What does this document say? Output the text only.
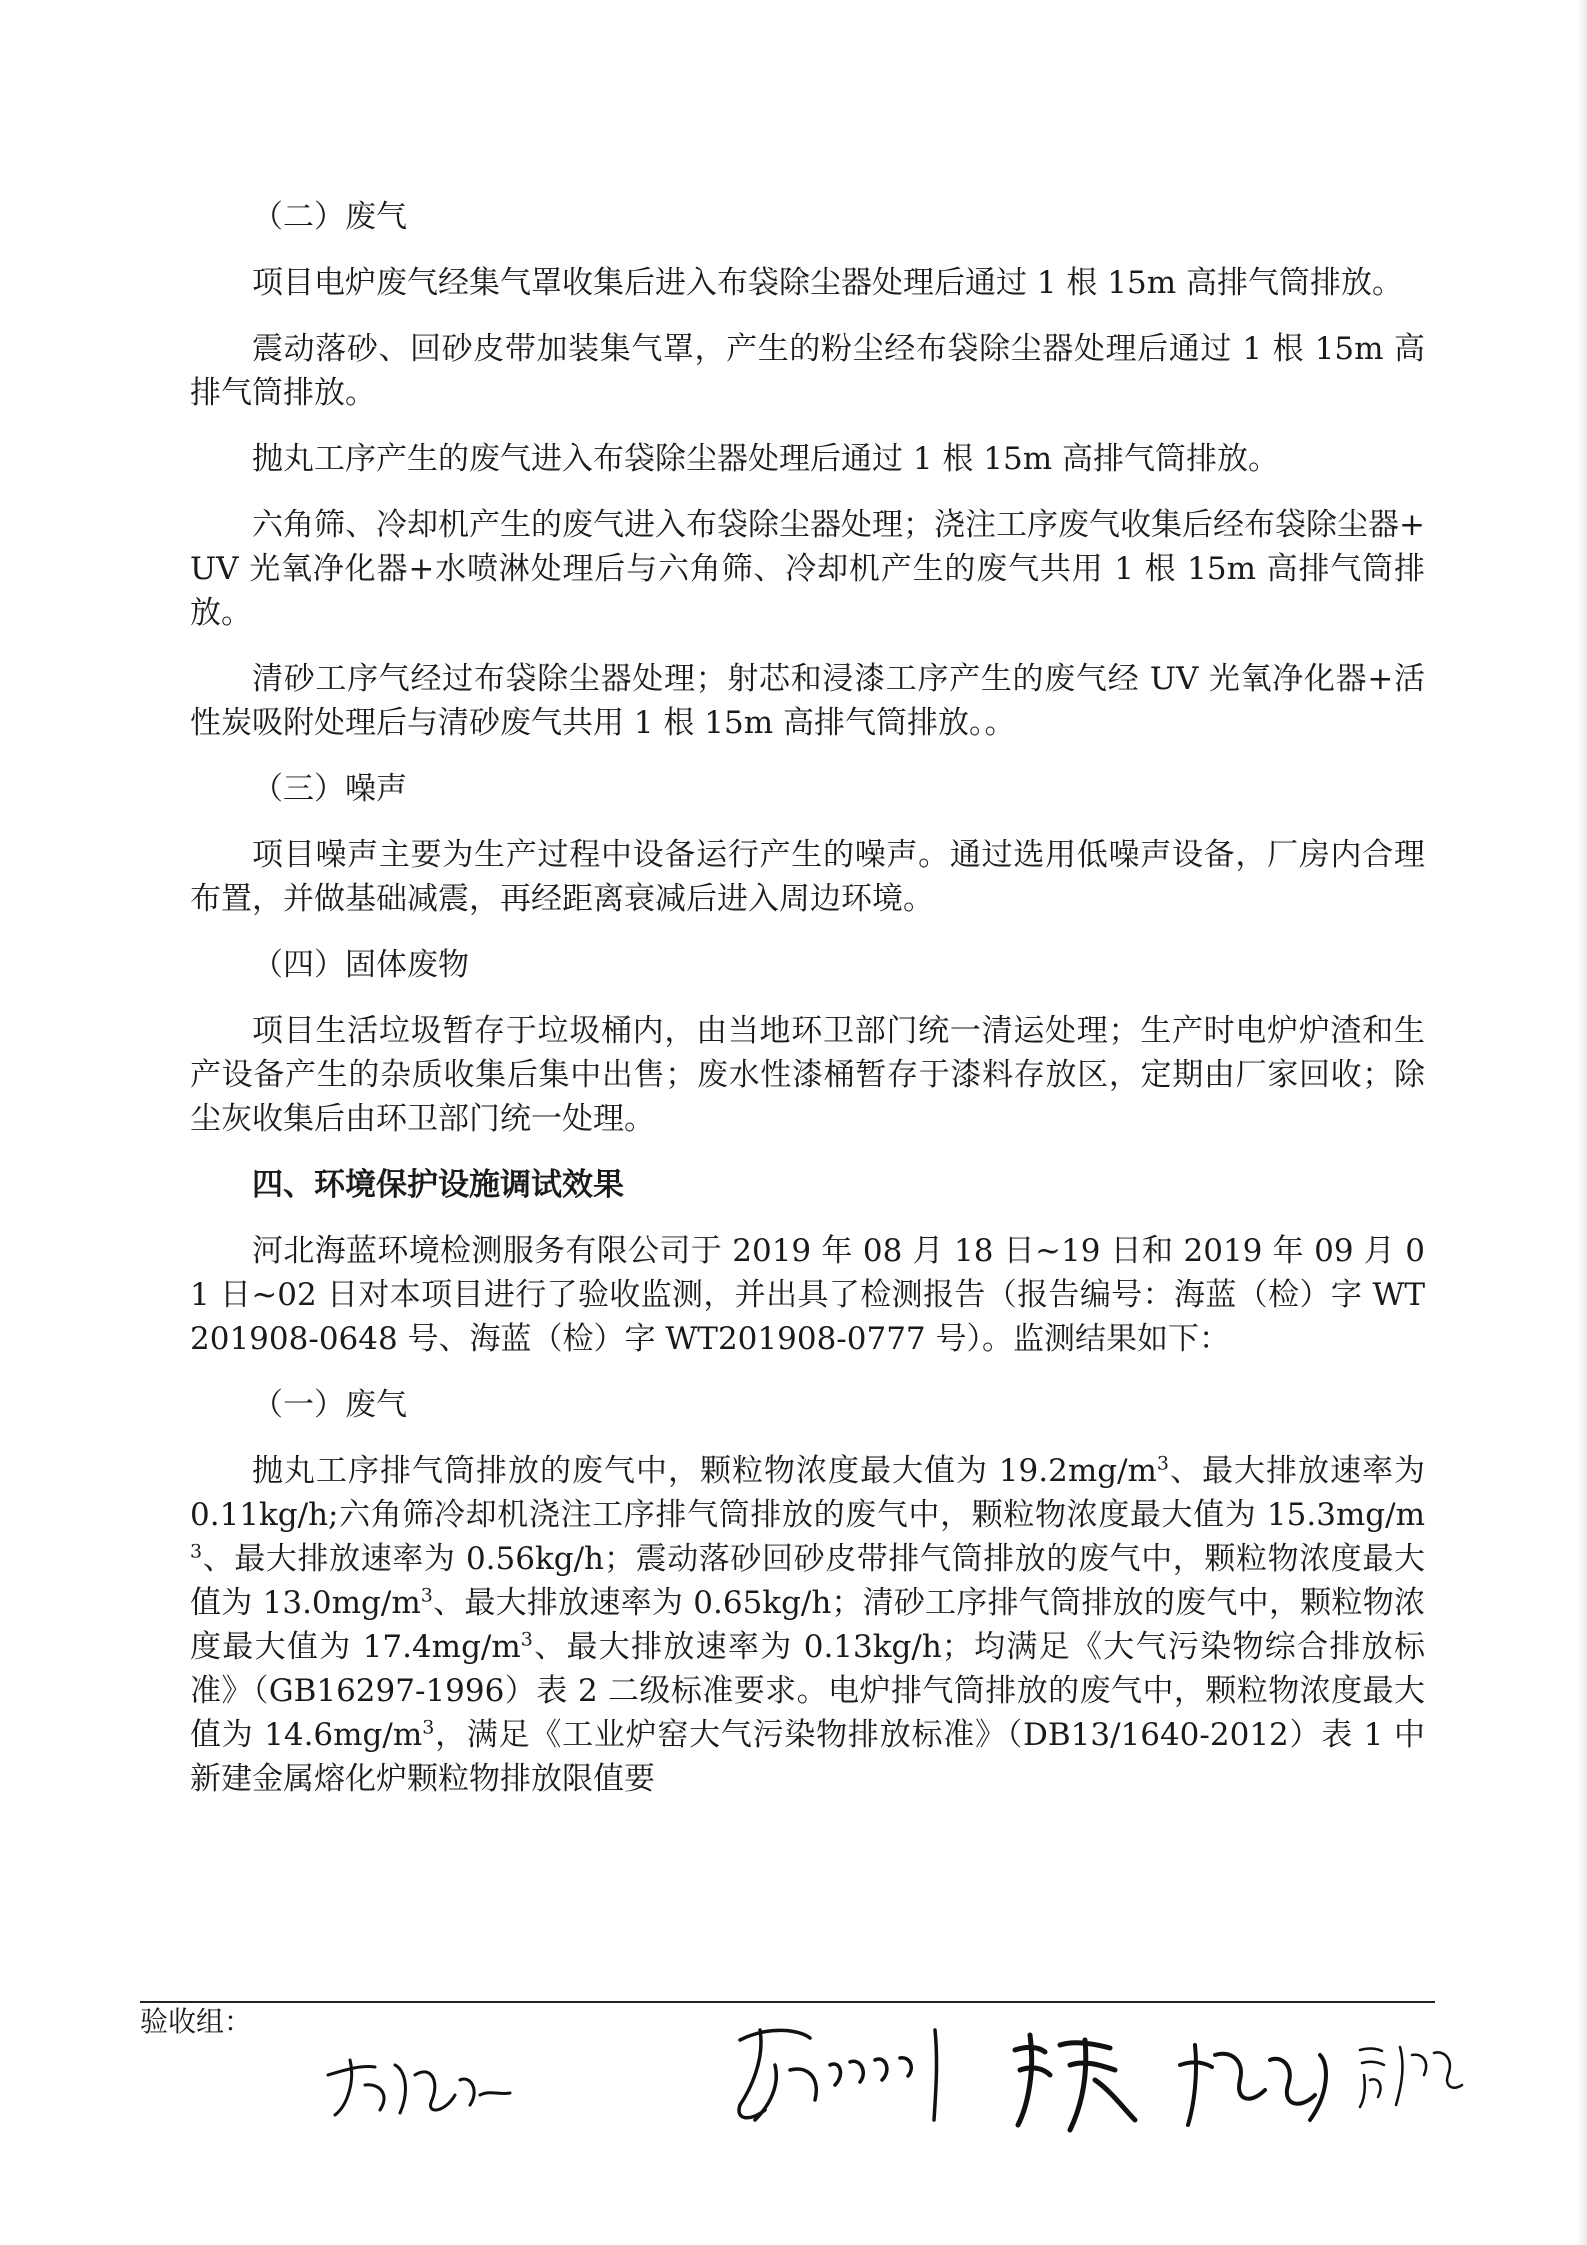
（二）废气

项目电炉废气经集气罩收集后进入布袋除尘器处理后通过 1 根 15m 高排气筒排放。

震动落砂、回砂皮带加装集气罩，产生的粉尘经布袋除尘器处理后通过 1 根 15m 高排气筒排放。

抛丸工序产生的废气进入布袋除尘器处理后通过 1 根 15m 高排气筒排放。

六角筛、冷却机产生的废气进入布袋除尘器处理；浇注工序废气收集后经布袋除尘器+UV 光氧净化器+水喷淋处理后与六角筛、冷却机产生的废气共用 1 根 15m 高排气筒排放。

清砂工序气经过布袋除尘器处理；射芯和浸漆工序产生的废气经 UV 光氧净化器+活性炭吸附处理后与清砂废气共用 1 根 15m 高排气筒排放。。

（三）噪声

项目噪声主要为生产过程中设备运行产生的噪声。通过选用低噪声设备，厂房内合理布置，并做基础减震，再经距离衰减后进入周边环境。

（四）固体废物

项目生活垃圾暂存于垃圾桶内，由当地环卫部门统一清运处理；生产时电炉炉渣和生产设备产生的杂质收集后集中出售；废水性漆桶暂存于漆料存放区，定期由厂家回收；除尘灰收集后由环卫部门统一处理。

四、环境保护设施调试效果

河北海蓝环境检测服务有限公司于 2019 年 08 月 18 日~19 日和 2019 年 09 月 01 日~02 日对本项目进行了验收监测，并出具了检测报告（报告编号：海蓝（检）字 WT201908-0648 号、海蓝（检）字 WT201908-0777 号）。监测结果如下：

（一）废气

抛丸工序排气筒排放的废气中，颗粒物浓度最大值为 $19.2mg/m^3$、最大排放速率为 0.11kg/h;六角筛冷却机浇注工序排气筒排放的废气中，颗粒物浓度最大值为 $15.3mg/m^3$、最大排放速率为 0.56kg/h；震动落砂回砂皮带排气筒排放的废气中，颗粒物浓度最大值为 $13.0mg/m^3$、最大排放速率为 0.65kg/h；清砂工序排气筒排放的废气中，颗粒物浓度最大值为 $17.4mg/m^3$、最大排放速率为 0.13kg/h；均满足《大气污染物综合排放标准》（GB16297-1996）表 2 二级标准要求。电炉排气筒排放的废气中，颗粒物浓度最大值为 $14.6mg/m^3$，满足《工业炉窑大气污染物排放标准》（DB13/1640-2012）表 1 中新建金属熔化炉颗粒物排放限值要

验收组：
